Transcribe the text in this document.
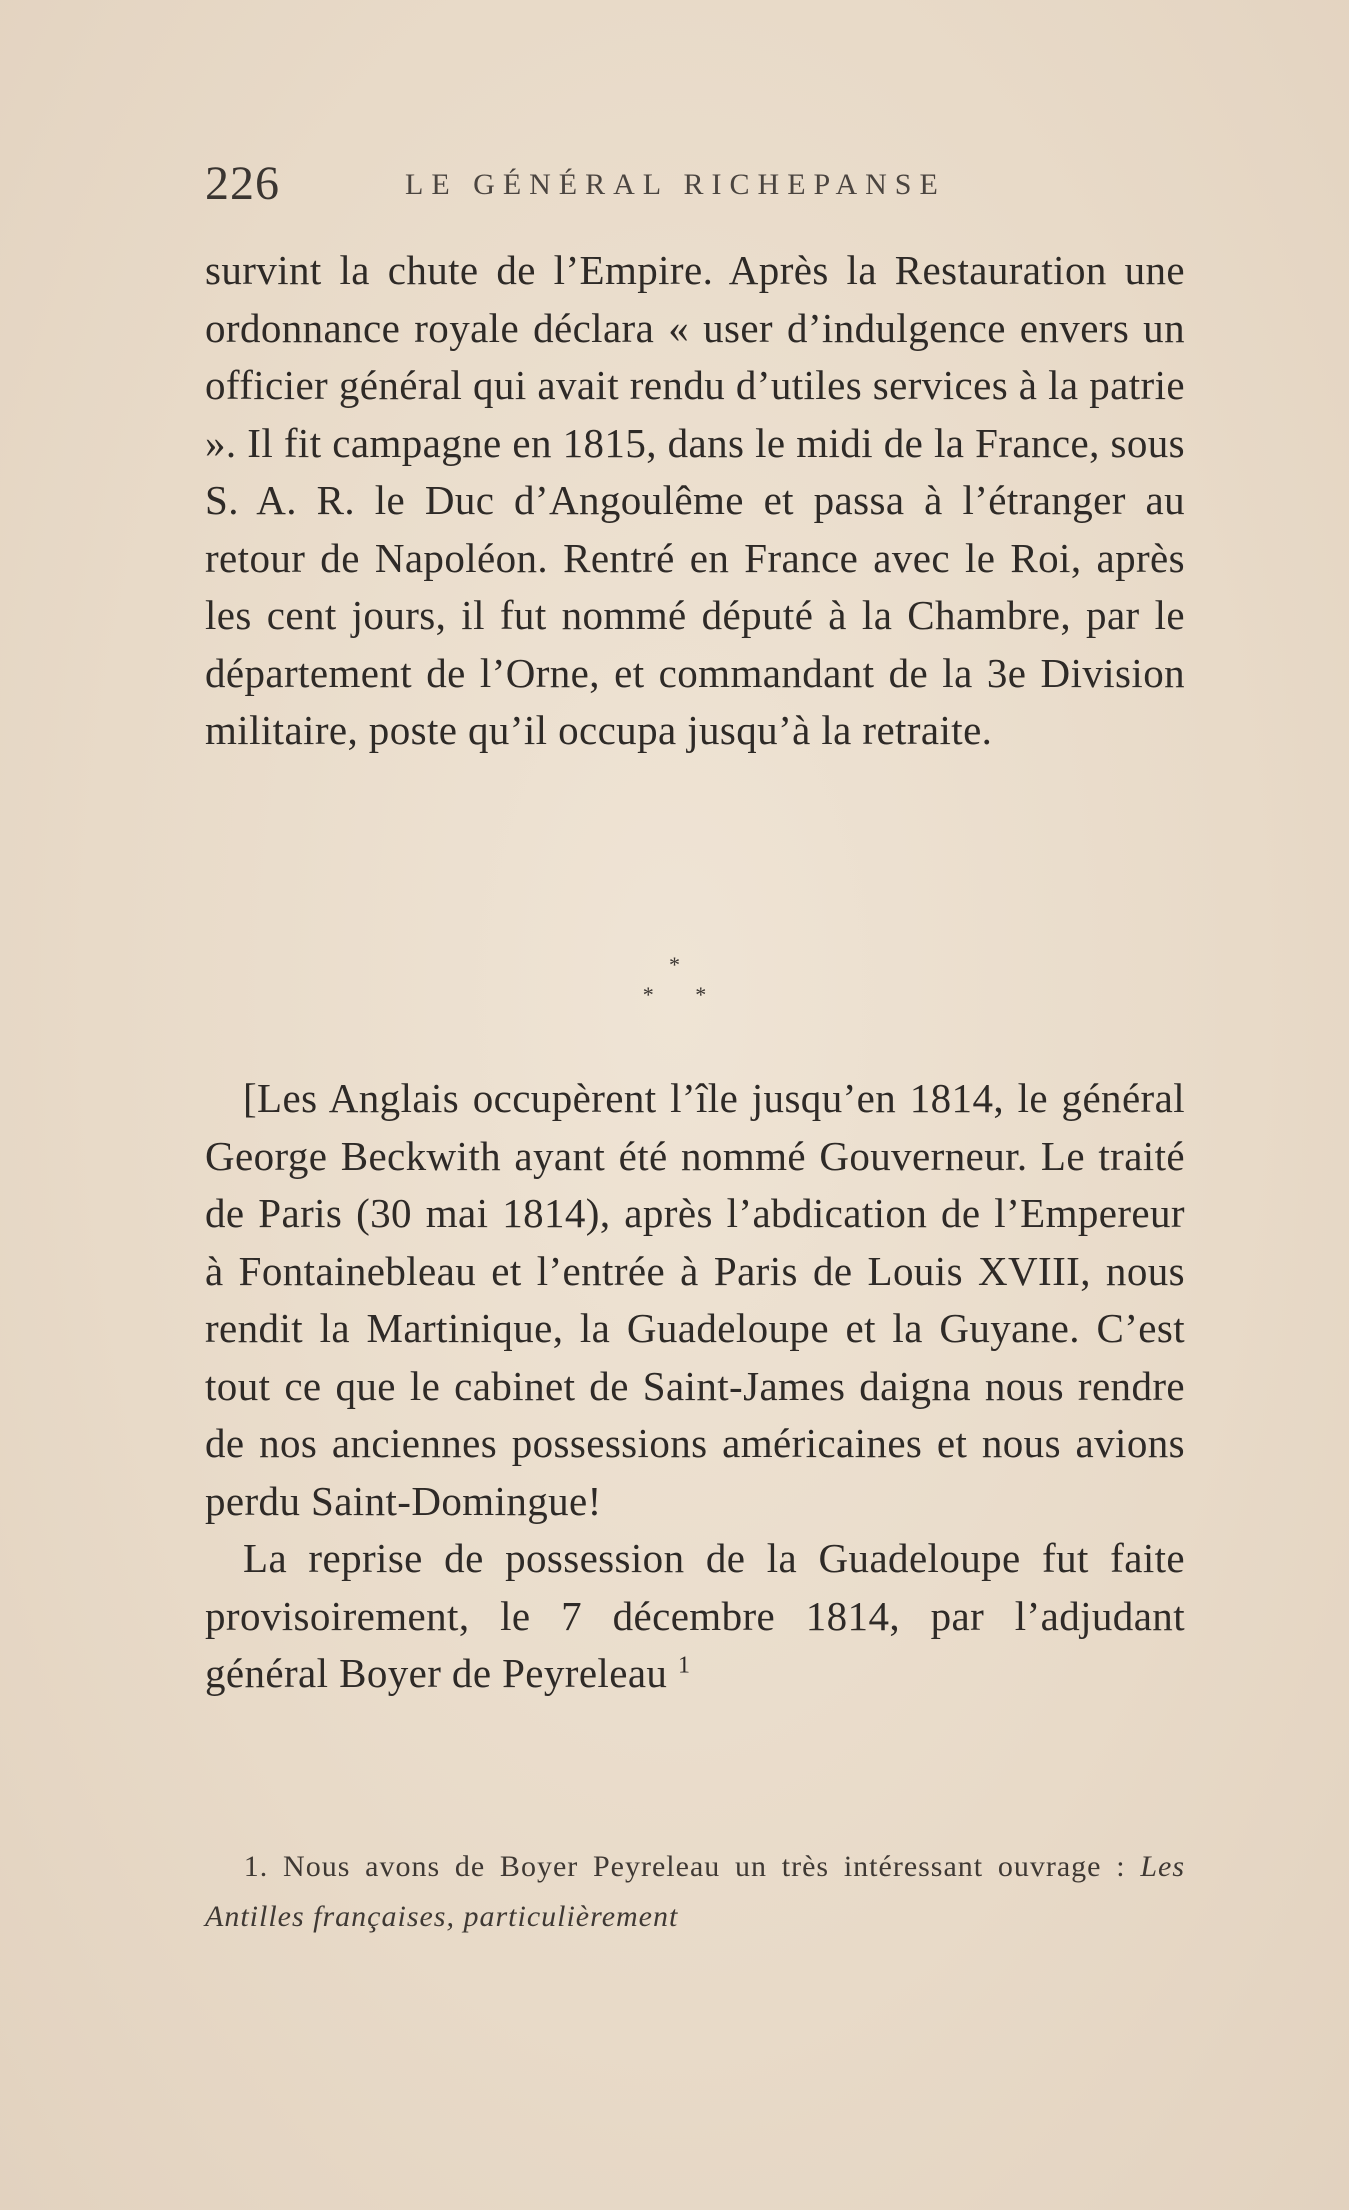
226	LE GÉNÉRAL RICHEPANSE

survint la chute de l’Empire. Après la Restauration une ordonnance royale déclara « user d’indulgence envers un officier général qui avait rendu d’utiles services à la patrie ». Il fit campagne en 1815, dans le midi de la France, sous S. A. R. le Duc d’Angoulême et passa à l’étranger au retour de Napoléon. Rentré en France avec le Roi, après les cent jours, il fut nommé député à la Chambre, par le département de l’Orne, et commandant de la 3e Division militaire, poste qu’il occupa jusqu’à la retraite.

*
* *

[Les Anglais occupèrent l’île jusqu’en 1814, le général George Beckwith ayant été nommé Gouverneur. Le traité de Paris (30 mai 1814), après l’abdication de l’Empereur à Fontainebleau et l’entrée à Paris de Louis XVIII, nous rendit la Martinique, la Guadeloupe et la Guyane. C’est tout ce que le cabinet de Saint-James daigna nous rendre de nos anciennes possessions américaines et nous avions perdu Saint-Domingue!

La reprise de possession de la Guadeloupe fut faite provisoirement, le 7 décembre 1814, par l’adjudant général Boyer de Peyreleau $^1$

1. Nous avons de Boyer Peyreleau un très intéressant ouvrage : Les Antilles françaises, particulièrement
